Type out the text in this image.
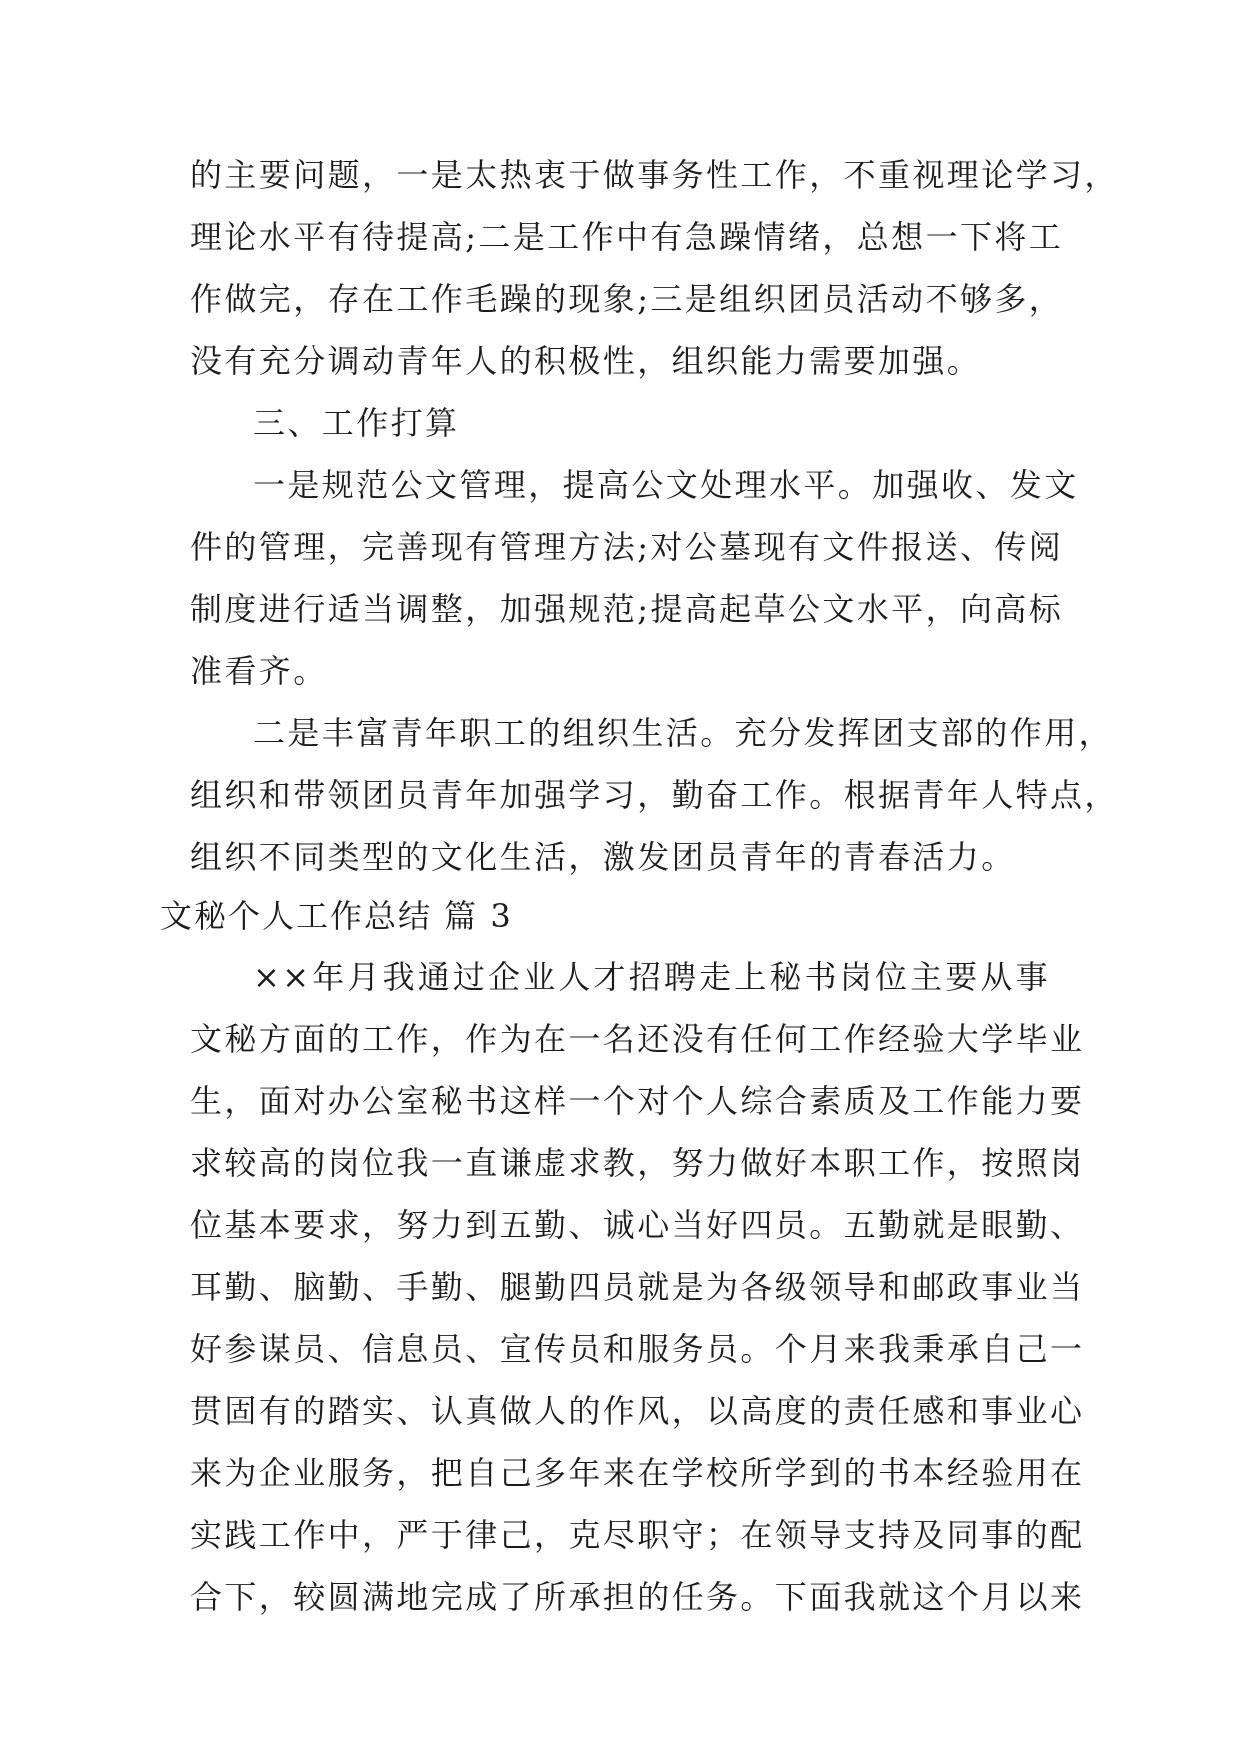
的主要问题，一是太热衷于做事务性工作，不重视理论学习，
理论水平有待提高;二是工作中有急躁情绪，总想一下将工
作做完，存在工作毛躁的现象;三是组织团员活动不够多，
没有充分调动青年人的积极性，组织能力需要加强。
三、工作打算
一是规范公文管理，提高公文处理水平。加强收、发文
件的管理，完善现有管理方法;对公墓现有文件报送、传阅
制度进行适当调整，加强规范;提高起草公文水平，向高标
准看齐。
二是丰富青年职工的组织生活。充分发挥团支部的作用，
组织和带领团员青年加强学习，勤奋工作。根据青年人特点，
组织不同类型的文化生活，激发团员青年的青春活力。
文秘个人工作总结 篇 3
××年月我通过企业人才招聘走上秘书岗位主要从事
文秘方面的工作，作为在一名还没有任何工作经验大学毕业
生，面对办公室秘书这样一个对个人综合素质及工作能力要
求较高的岗位我一直谦虚求教，努力做好本职工作，按照岗
位基本要求，努力到五勤、诚心当好四员。五勤就是眼勤、
耳勤、脑勤、手勤、腿勤四员就是为各级领导和邮政事业当
好参谋员、信息员、宣传员和服务员。个月来我秉承自己一
贯固有的踏实、认真做人的作风，以高度的责任感和事业心
来为企业服务，把自己多年来在学校所学到的书本经验用在
实践工作中，严于律己，克尽职守；在领导支持及同事的配
合下，较圆满地完成了所承担的任务。下面我就这个月以来
